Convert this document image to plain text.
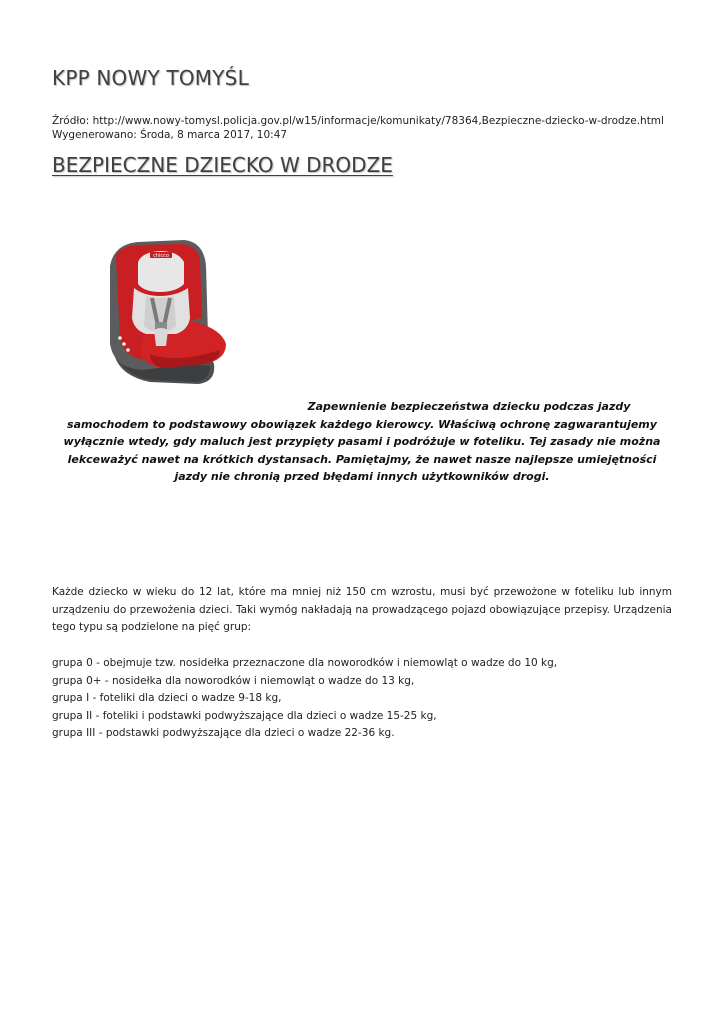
KPP NOWY TOMYŚL
Źródło: http://www.nowy-tomysl.policja.gov.pl/w15/informacje/komunikaty/78364,Bezpieczne-dziecko-w-drodze.html
Wygenerowano: Środa, 8 marca 2017, 10:47
BEZPIECZNE DZIECKO W DRODZE
chicco

Zapewnienie bezpieczeństwa dziecku podczas jazdy samochodem to podstawowy obowiązek każdego kierowcy. Właściwą ochronę zagwarantujemy wyłącznie wtedy, gdy maluch jest przypięty pasami i podróżuje w foteliku. Tej zasady nie można lekceważyć nawet na krótkich dystansach. Pamiętajmy, że nawet nasze najlepsze umiejętności jazdy nie chronią przed błędami innych użytkowników drogi.

Każde dziecko w wieku do 12 lat, które ma mniej niż 150 cm wzrostu, musi być przewożone w foteliku lub innym urządzeniu do przewożenia dzieci. Taki wymóg nakładają na prowadzącego pojazd obowiązujące przepisy. Urządzenia tego typu są podzielone na pięć grup:

grupa 0 - obejmuje tzw. nosidełka przeznaczone dla noworodków i niemowląt o wadze do 10 kg,
grupa 0+ - nosidełka dla noworodków i niemowląt o wadze do 13 kg,
grupa I - foteliki dla dzieci o wadze 9-18 kg,
grupa II - foteliki i podstawki podwyższające dla dzieci o wadze 15-25 kg,
grupa III - podstawki podwyższające dla dzieci o wadze 22-36 kg.
